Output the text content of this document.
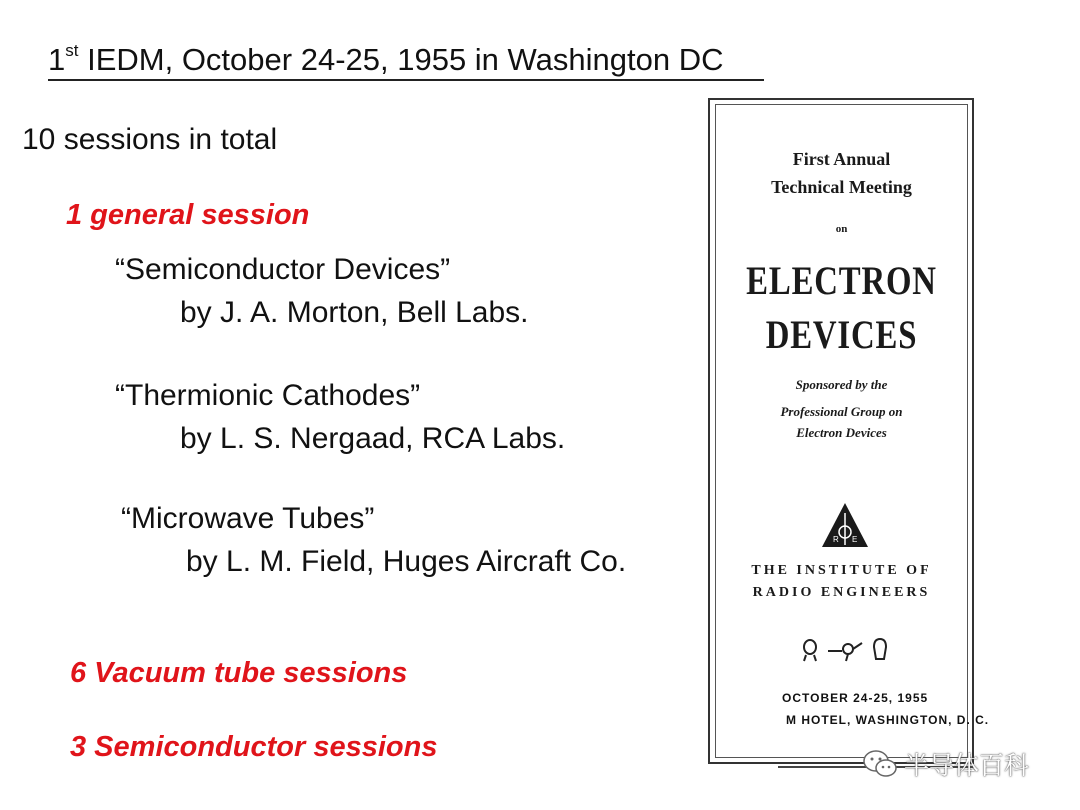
1st IEDM, October 24-25, 1955 in Washington DC
10 sessions in total
1 general session
“Semiconductor Devices”
by J. A. Morton, Bell Labs.
“Thermionic Cathodes”
by L. S. Nergaad, RCA Labs.
“Microwave Tubes”
by L. M. Field, Huges Aircraft Co.
6 Vacuum tube sessions
3 Semiconductor sessions
First Annual
Technical Meeting
on
ELECTRON
DEVICES
Sponsored by the
Professional Group on
Electron Devices
R E
THE INSTITUTE OF
RADIO ENGINEERS
OCTOBER 24-25, 1955
M HOTEL, WASHINGTON, D. C.
半导体百科
